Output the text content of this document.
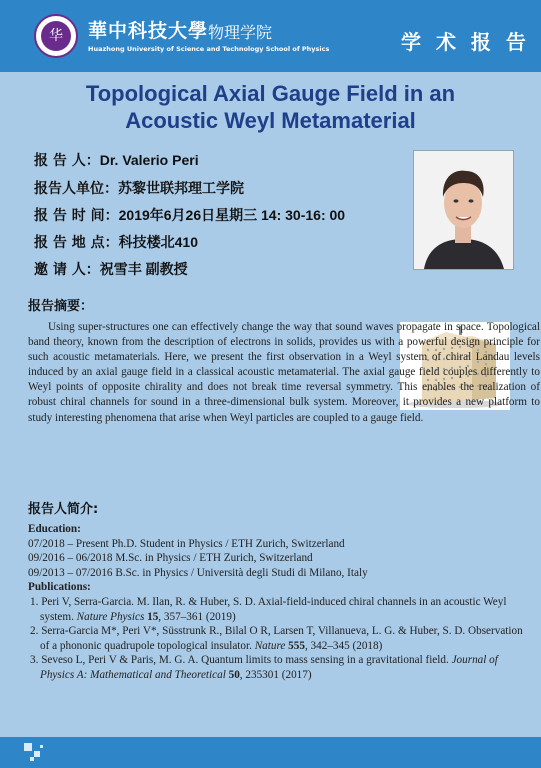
华	華中科技大學 物理学院
Huazhong University of Science and Technology School of Physics	学 术 报 告
Topological Axial Gauge Field in an
Acoustic Weyl Metamaterial
报 告 人：Dr. Valerio Peri
报告人单位：苏黎世联邦理工学院
报 告 时 间：2019年6月26日星期三 14: 30-16: 00
报 告 地 点：科技楼北410
邀 请 人：祝雪丰 副教授
报告摘要：
Using super-structures one can effectively change the way that sound waves propagate in space. Topological band theory, known from the description of electrons in solids, provides us with a powerful design principle for such acoustic metamaterials. Here, we present the first observation in a Weyl system of chiral Landau levels induced by an axial gauge field in a classical acoustic metamaterial. The axial gauge field couples differently to Weyl points of opposite chirality and does not break time reversal symmetry. This enables the realization of robust chiral channels for sound in a three-dimensional bulk system. Moreover, it provides a new platform to study interesting phenomena that arise when Weyl particles are coupled to a gauge field.
报告人简介:
Education:
07/2018 – Present Ph.D. Student in Physics / ETH Zurich, Switzerland
09/2016 – 06/2018 M.Sc. in Physics / ETH Zurich, Switzerland
09/2013 – 07/2016 B.Sc. in Physics / Università degli Studi di Milano, Italy
Publications:
1. Peri V, Serra-Garcia. M. Ilan, R. & Huber, S. D. Axial-field-induced chiral channels in an acoustic Weyl system. Nature Physics 15, 357–361 (2019)
2. Serra-Garcia M*, Peri V*, Süsstrunk R., Bilal O R, Larsen T, Villanueva, L. G. & Huber, S. D. Observation of a phononic quadrupole topological insulator. Nature 555, 342–345 (2018)
3. Seveso L, Peri V & Paris, M. G. A. Quantum limits to mass sensing in a gravitational field. Journal of Physics A: Mathematical and Theoretical 50, 235301 (2017)
